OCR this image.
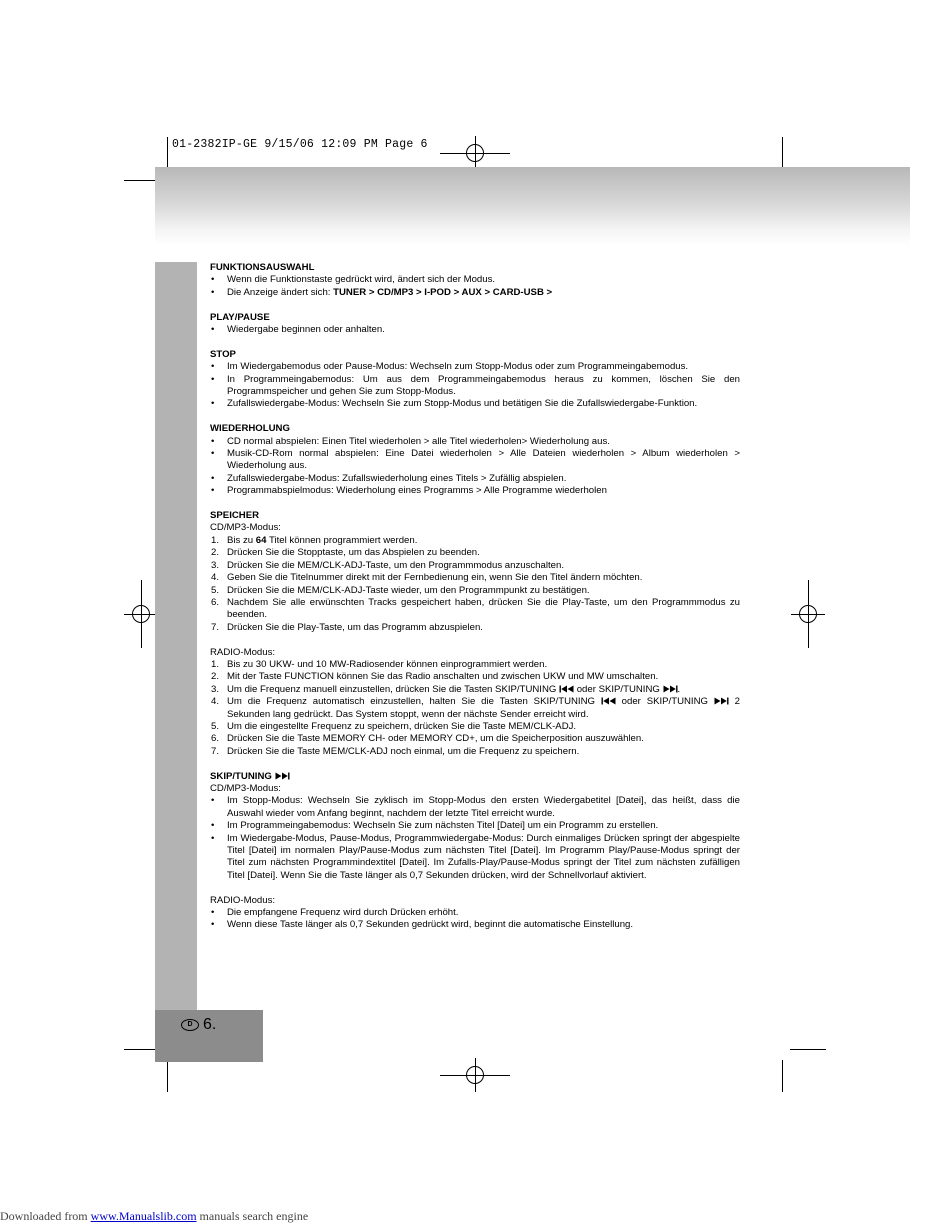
01-2382IP-GE 9/15/06 12:09 PM Page 6
D 6.
FUNKTIONSAUSWAHL
• Wenn die Funktionstaste gedrückt wird, ändert sich der Modus.
• Die Anzeige ändert sich: TUNER > CD/MP3 > I-POD > AUX > CARD-USB >
PLAY/PAUSE
• Wiedergabe beginnen oder anhalten.
STOP
• Im Wiedergabemodus oder Pause-Modus: Wechseln zum Stopp-Modus oder zum Programmeingabemodus.
• In Programmeingabemodus: Um aus dem Programmeingabemodus heraus zu kommen, löschen Sie den Programmspeicher und gehen Sie zum Stopp-Modus.
• Zufallswiedergabe-Modus: Wechseln Sie zum Stopp-Modus und betätigen Sie die Zufallswiedergabe-Funktion.
WIEDERHOLUNG
• CD normal abspielen: Einen Titel wiederholen > alle Titel wiederholen> Wiederholung aus.
• Musik-CD-Rom normal abspielen: Eine Datei wiederholen > Alle Dateien wiederholen > Album wiederholen > Wiederholung aus.
• Zufallswiedergabe-Modus: Zufallswiederholung eines Titels > Zufällig abspielen.
• Programmabspielmodus: Wiederholung eines Programms > Alle Programme wiederholen
SPEICHER
CD/MP3-Modus:
1. Bis zu 64 Titel können programmiert werden.
2. Drücken Sie die Stopptaste, um das Abspielen zu beenden.
3. Drücken Sie die MEM/CLK-ADJ-Taste, um den Programmmodus anzuschalten.
4. Geben Sie die Titelnummer direkt mit der Fernbedienung ein, wenn Sie den Titel ändern möchten.
5. Drücken Sie die MEM/CLK-ADJ-Taste wieder, um den Programmpunkt zu bestätigen.
6. Nachdem Sie alle erwünschten Tracks gespeichert haben, drücken Sie die Play-Taste, um den Programmmodus zu beenden.
7. Drücken Sie die Play-Taste, um das Programm abzuspielen.
RADIO-Modus:
1. Bis zu 30 UKW- und 10 MW-Radiosender können einprogrammiert werden.
2. Mit der Taste FUNCTION können Sie das Radio anschalten und zwischen UKW und MW umschalten.
3. Um die Frequenz manuell einzustellen, drücken Sie die Tasten SKIP/TUNING  oder SKIP/TUNING .
4. Um die Frequenz automatisch einzustellen, halten Sie die Tasten SKIP/TUNING  oder SKIP/TUNING  2 Sekunden lang gedrückt. Das System stoppt, wenn der nächste Sender erreicht wird.
5. Um die eingestellte Frequenz zu speichern, drücken Sie die Taste MEM/CLK-ADJ.
6. Drücken Sie die Taste MEMORY CH- oder MEMORY CD+, um die Speicherposition auszuwählen.
7. Drücken Sie die Taste MEM/CLK-ADJ noch einmal, um die Frequenz zu speichern.
SKIP/TUNING
CD/MP3-Modus:
• Im Stopp-Modus: Wechseln Sie zyklisch im Stopp-Modus den ersten Wiedergabetitel [Datei], das heißt, dass die Auswahl wieder vom Anfang beginnt, nachdem der letzte Titel erreicht wurde.
• Im Programmeingabemodus: Wechseln Sie zum nächsten Titel [Datei] um ein Programm zu erstellen.
• Im Wiedergabe-Modus, Pause-Modus, Programmwiedergabe-Modus: Durch einmaliges Drücken springt der abgespielte Titel [Datei] im normalen Play/Pause-Modus zum nächsten Titel [Datei]. Im Programm Play/Pause-Modus springt der Titel zum nächsten Programmindextitel [Datei]. Im Zufalls-Play/Pause-Modus springt der Titel zum nächsten zufälligen Titel [Datei]. Wenn Sie die Taste länger als 0,7 Sekunden drücken, wird der Schnellvorlauf aktiviert.
RADIO-Modus:
• Die empfangene Frequenz wird durch Drücken erhöht.
• Wenn diese Taste länger als 0,7 Sekunden gedrückt wird, beginnt die automatische Einstellung.
Downloaded from www.Manualslib.com manuals search engine
